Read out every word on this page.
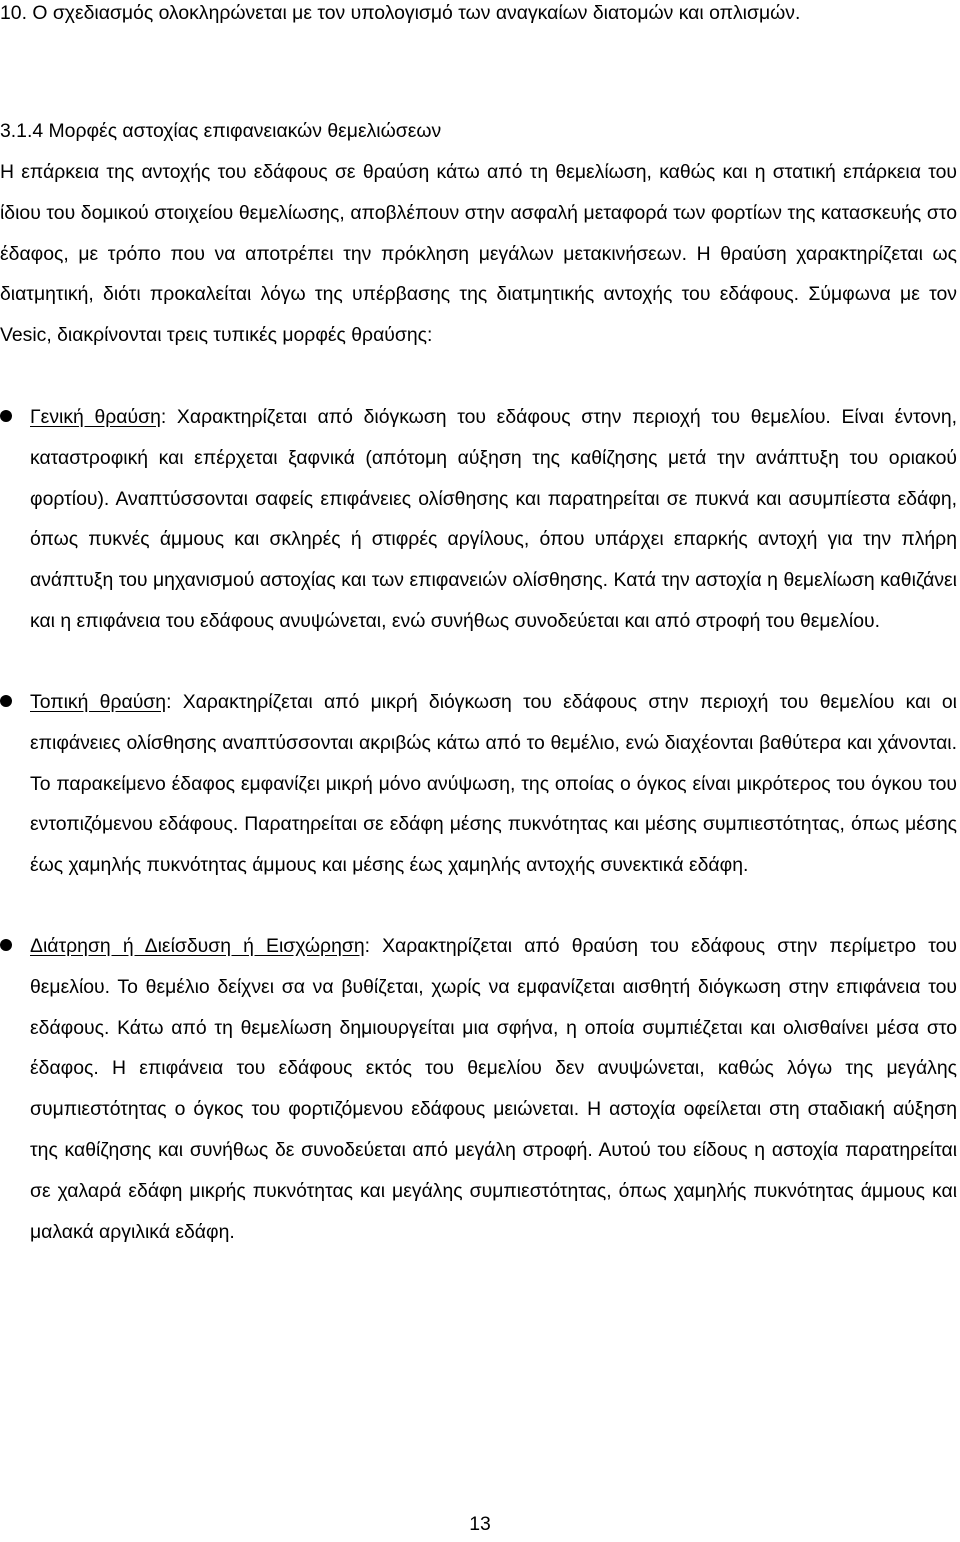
10. Ο σχεδιασμός ολοκληρώνεται με τον υπολογισμό των αναγκαίων διατομών και οπλισμών.

3.1.4 Μορφές αστοχίας επιφανειακών θεμελιώσεων

Η επάρκεια της αντοχής του εδάφους σε θραύση κάτω από τη θεμελίωση, καθώς και η στατική επάρκεια του ίδιου του δομικού στοιχείου θεμελίωσης, αποβλέπουν στην ασφαλή μεταφορά των φορτίων της κατασκευής στο έδαφος, με τρόπο που να αποτρέπει την πρόκληση μεγάλων μετακινήσεων. Η θραύση χαρακτηρίζεται ως διατμητική, διότι προκαλείται λόγω της υπέρβασης της διατμητικής αντοχής του εδάφους. Σύμφωνα με τον Vesic, διακρίνονται τρεις τυπικές μορφές θραύσης:

Γενική θραύση: Χαρακτηρίζεται από διόγκωση του εδάφους στην περιοχή του θεμελίου. Είναι έντονη, καταστροφική και επέρχεται ξαφνικά (απότομη αύξηση της καθίζησης μετά την ανάπτυξη του οριακού φορτίου). Αναπτύσσονται σαφείς επιφάνειες ολίσθησης και παρατηρείται σε πυκνά και ασυμπίεστα εδάφη, όπως πυκνές άμμους και σκληρές ή στιφρές αργίλους, όπου υπάρχει επαρκής αντοχή για την πλήρη ανάπτυξη του μηχανισμού αστοχίας και των επιφανειών ολίσθησης. Κατά την αστοχία η θεμελίωση καθιζάνει και η επιφάνεια του εδάφους ανυψώνεται, ενώ συνήθως συνοδεύεται και από στροφή του θεμελίου.

Τοπική θραύση: Χαρακτηρίζεται από μικρή διόγκωση του εδάφους στην περιοχή του θεμελίου και οι επιφάνειες ολίσθησης αναπτύσσονται ακριβώς κάτω από το θεμέλιο, ενώ διαχέονται βαθύτερα και χάνονται. Το παρακείμενο έδαφος εμφανίζει μικρή μόνο ανύψωση, της οποίας ο όγκος είναι μικρότερος του όγκου του εντοπιζόμενου εδάφους. Παρατηρείται σε εδάφη μέσης πυκνότητας και μέσης συμπιεστότητας, όπως μέσης έως χαμηλής πυκνότητας άμμους και μέσης έως χαμηλής αντοχής συνεκτικά εδάφη.

Διάτρηση ή Διείσδυση ή Εισχώρηση: Χαρακτηρίζεται από θραύση του εδάφους στην περίμετρο του θεμελίου. Το θεμέλιο δείχνει σα να βυθίζεται, χωρίς να εμφανίζεται αισθητή διόγκωση στην επιφάνεια του εδάφους. Κάτω από τη θεμελίωση δημιουργείται μια σφήνα, η οποία συμπιέζεται και ολισθαίνει μέσα στο έδαφος. Η επιφάνεια του εδάφους εκτός του θεμελίου δεν ανυψώνεται, καθώς λόγω της μεγάλης συμπιεστότητας ο όγκος του φορτιζόμενου εδάφους μειώνεται. Η αστοχία οφείλεται στη σταδιακή αύξηση της καθίζησης και συνήθως δε συνοδεύεται από μεγάλη στροφή. Αυτού του είδους η αστοχία παρατηρείται σε χαλαρά εδάφη μικρής πυκνότητας και μεγάλης συμπιεστότητας, όπως χαμηλής πυκνότητας άμμους και μαλακά αργιλικά εδάφη.

13
